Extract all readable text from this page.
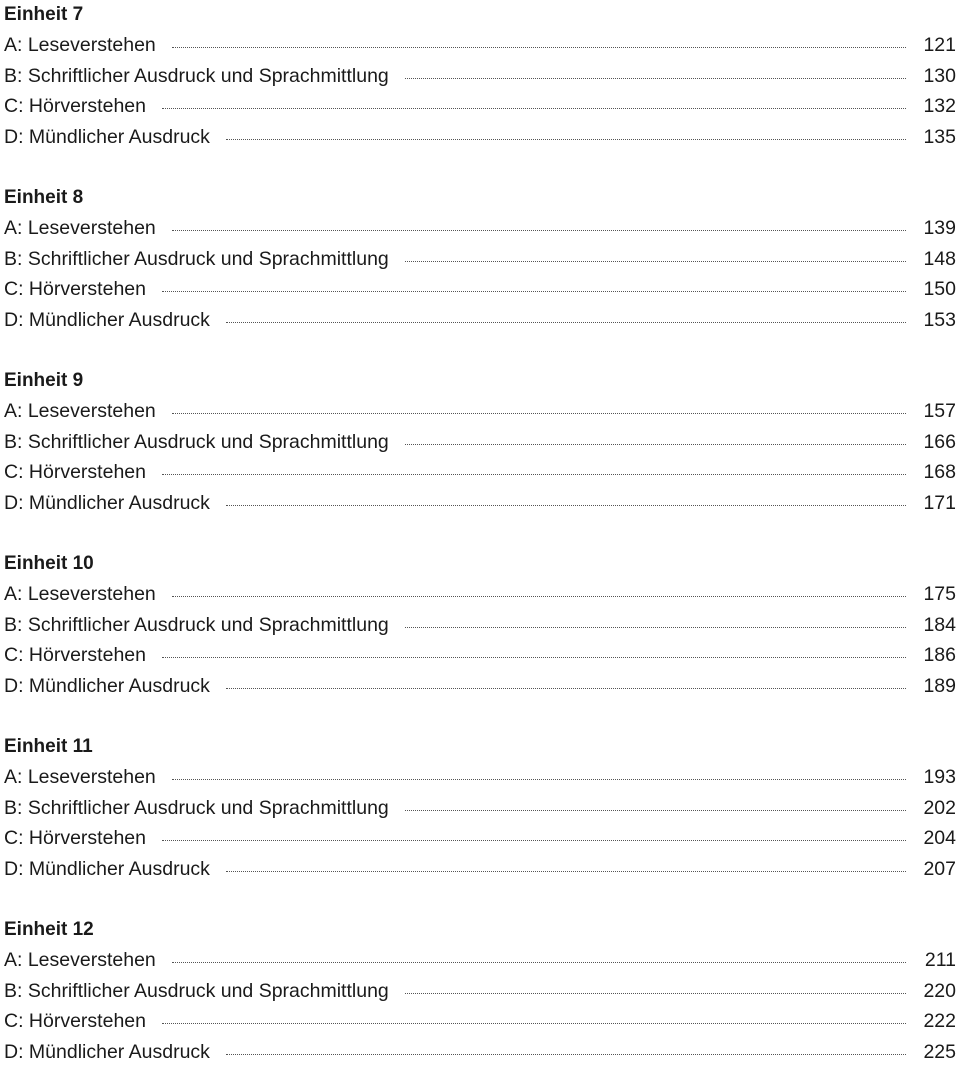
Einheit 7
A: Leseverstehen	121
B: Schriftlicher Ausdruck und Sprachmittlung	130
C: Hörverstehen	132
D: Mündlicher Ausdruck	135
Einheit 8
A: Leseverstehen	139
B: Schriftlicher Ausdruck und Sprachmittlung	148
C: Hörverstehen	150
D: Mündlicher Ausdruck	153
Einheit 9
A: Leseverstehen	157
B: Schriftlicher Ausdruck und Sprachmittlung	166
C: Hörverstehen	168
D: Mündlicher Ausdruck	171
Einheit 10
A: Leseverstehen	175
B: Schriftlicher Ausdruck und Sprachmittlung	184
C: Hörverstehen	186
D: Mündlicher Ausdruck	189
Einheit 11
A: Leseverstehen	193
B: Schriftlicher Ausdruck und Sprachmittlung	202
C: Hörverstehen	204
D: Mündlicher Ausdruck	207
Einheit 12
A: Leseverstehen	211
B: Schriftlicher Ausdruck und Sprachmittlung	220
C: Hörverstehen	222
D: Mündlicher Ausdruck	225
